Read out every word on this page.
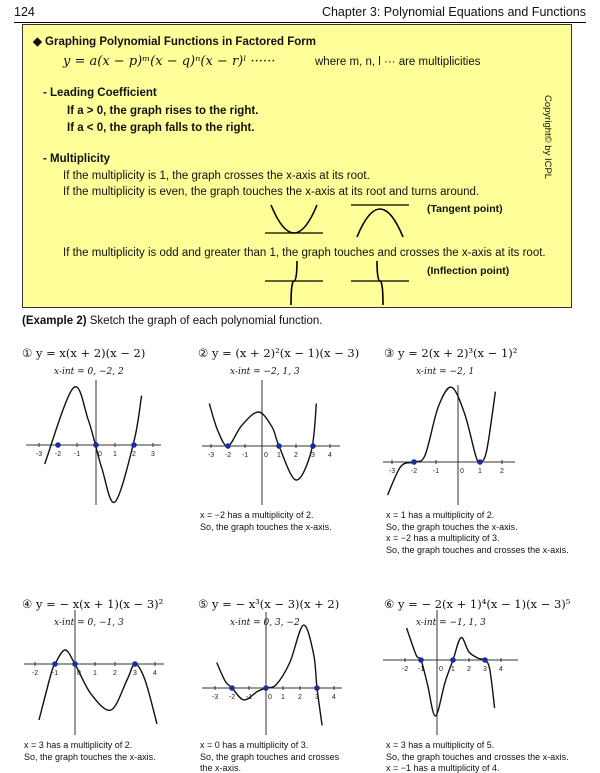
124	Chapter 3: Polynomial Equations and Functions
◆ Graphing Polynomial Functions in Factored Form
y = a(x − p)ᵐ(x − q)ⁿ(x − r)ˡ ······	where m, n, l ··· are multiplicities
Copyright© by ICPL
- Leading Coefficient
If a > 0, the graph rises to the right.
If a < 0, the graph falls to the right.
- Multiplicity
If the multiplicity is 1, the graph crosses the x-axis at its root.
If the multiplicity is even, the graph touches the x-axis at its root and turns around.
(Tangent point)
If the multiplicity is odd and greater than 1, the graph touches and crosses the x-axis at its root.
(Inflection point)
(Example 2) Sketch the graph of each polynomial function.
① y = x(x + 2)(x − 2)
x-int = 0, −2, 2
-3 -2 -1	0 1 2 3
② y = (x + 2)²(x − 1)(x − 3)
x-int = −2, 1, 3
-3 -2 -1 0 1 2 3 4
x = −2 has a multiplicity of 2.
So, the graph touches the x-axis.
③ y = 2(x + 2)³(x − 1)²
x-int = −2, 1
-3 -2 -1	0 1	2
x = 1 has a multiplicity of 2.
So, the graph touches the x-axis.
x = −2 has a multiplicity of 3.
So, the graph touches and crosses the x-axis.
④ y = − x(x + 1)(x − 3)²
x-int = 0, −1, 3
-2 -1	0 1 2 3 4
x = 3 has a multiplicity of 2.
So, the graph touches the x-axis.
⑤ y = − x³(x − 3)(x + 2)
x-int = 0, 3, −2
-3 -2 -1 0 1 2 3 4
x = 0 has a multiplicity of 3.
So, the graph touches and crosses
the x-axis.
⑥ y = − 2(x + 1)⁴(x − 1)(x − 3)⁵
x-int = −1, 1, 3
-2 -1 0 1 2 3 4
x = 3 has a multiplicity of 5.
So, the graph touches and crosses the x-axis.
x = −1 has a multiplicity of 4.
